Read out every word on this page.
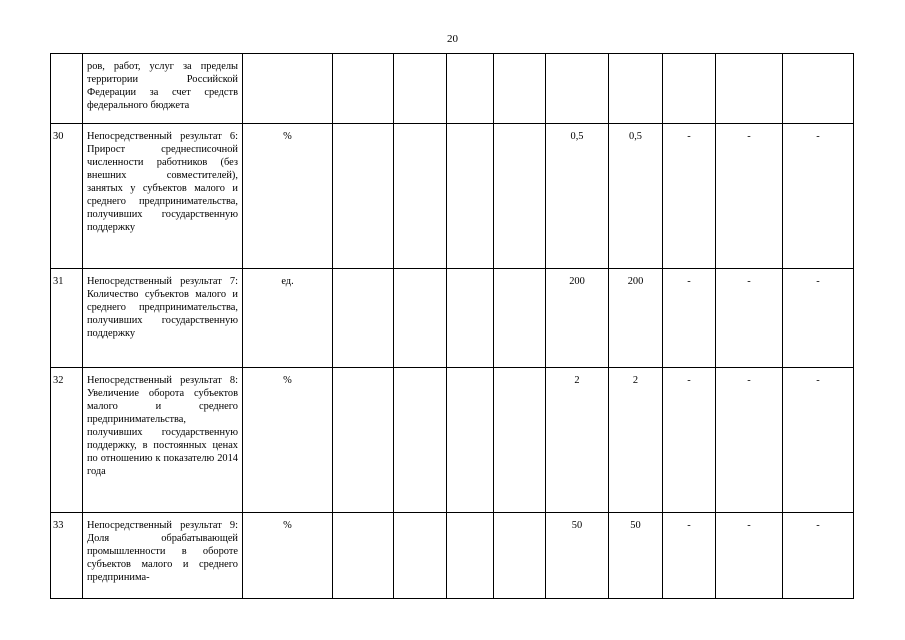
20
	ров, работ, услуг за пределы территории Российской Федерации за счет средств федерального бюджета										
30	Непосредственный результат 6: Прирост среднесписочной численности работников (без внешних совместителей), занятых у субъектов малого и среднего предпринимательства, получивших государственную поддержку	%					0,5	0,5	-	-	-
31	Непосредственный результат 7: Количество субъектов малого и среднего предпринимательства, получивших государственную поддержку	ед.					200	200	-	-	-
32	Непосредственный результат 8: Увеличение оборота субъектов малого и среднего предпринимательства, получивших государственную поддержку, в постоянных ценах по отношению к показателю 2014 года	%					2	2	-	-	-
33	Непосредственный результат 9: Доля обрабатывающей промышленности в обороте субъектов малого и среднего предпринима-	%					50	50	-	-	-
